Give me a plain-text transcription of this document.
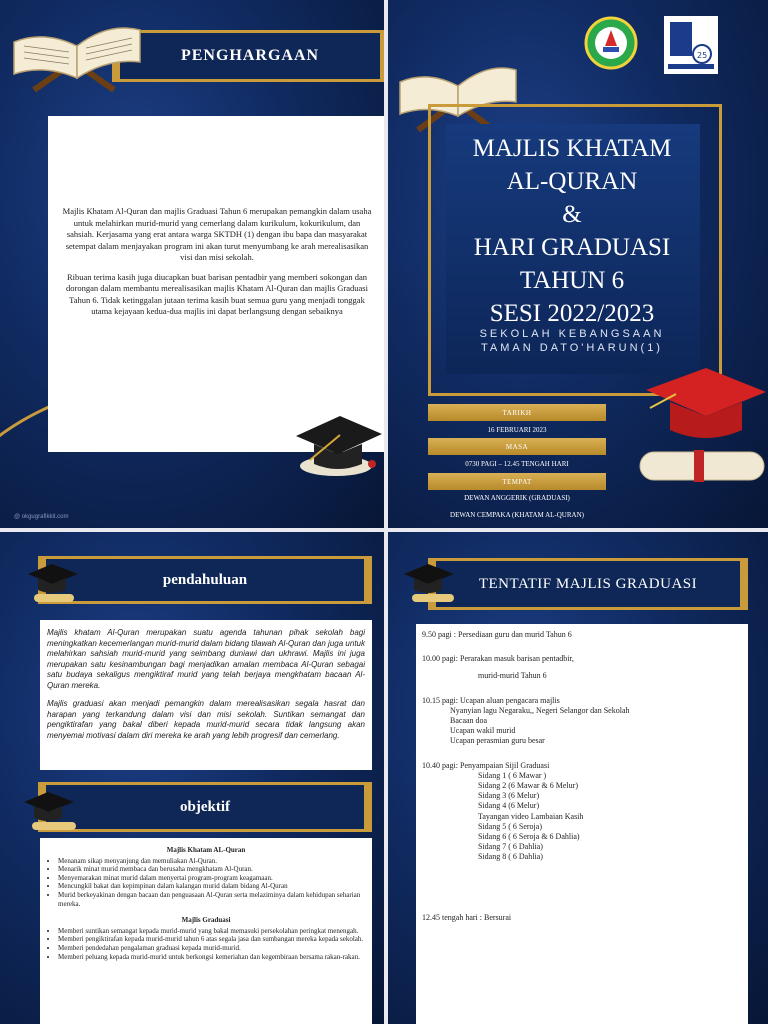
PENGHARGAAN

Majlis Khatam Al-Quran dan majlis Graduasi Tahun 6 merupakan pemangkin dalam usaha untuk melahirkan murid-murid yang cemerlang dalam kurikulum, kokurikulum, dan sahsiah. Kerjasama yang erat antara warga SKTDH (1) dengan ibu bapa dan masyarakat setempat dalam menjayakan program ini akan turut menyumbang ke arah merealisasikan visi dan misi sekolah.

Ribuan terima kasih juga diucapkan buat barisan pentadbir yang memberi sokongan dan dorongan dalam membantu merealisasikan majlis Khatam Al-Quran dan majlis Graduasi Tahun 6. Tidak ketinggalan jutaan terima kasih buat semua guru yang menjadi tonggak utama kejayaan kedua-dua majlis ini dapat berlangsung dengan sebaiknya

@ okgugrafikkit.com
25
MAJLIS KHATAM
AL-QURAN
&
HARI GRADUASI
TAHUN 6
SESI 2022/2023
SEKOLAH KEBANGSAAN
TAMAN DATO'HARUN(1)
TARIKH
16 FEBRUARI 2023
MASA
0730 PAGI – 12.45 TENGAH HARI
TEMPAT
DEWAN ANGGERIK (GRADUASI)
DEWAN CEMPAKA (KHATAM AL-QURAN)
pendahuluan

Majlis khatam Al-Quran merupakan suatu agenda tahunan pihak sekolah bagi meningkatkan kecemerlangan murid-murid dalam bidang tilawah Al-Quran dan juga untuk melahirkan sahsiah murid-murid yang seimbang duniawi dan ukhrawi. Majlis ini juga merupakan satu kesinambungan bagi menjadikan amalan membaca Al-Quran sebagai satu budaya sekaligus mengiktiraf murid yang telah berjaya mengkhatam bacaan Al-Quran mereka.

Majlis graduasi akan menjadi pemangkin dalam merealisasikan segala hasrat dan harapan yang terkandung dalam visi dan misi sekolah. Suntikan semangat dan pengiktirafan yang bakal diberi kepada murid-murid secara tidak langsung akan menyemai motivasi dalam diri mereka ke arah yang lebih progresif dan cemerlang.

objektif
Majlis Khatam AL-Quran
• Menanam sikap menyanjung dan memuliakan Al-Quran.
• Menarik minat murid membaca dan berusaha mengkhatam Al-Quran.
• Menyemarakan minat murid dalam menyertai program-program keagamaan.
• Mencungkil bakat dan kepimpinan dalam kalangan murid dalam bidang Al-Quran
• Murid berkeyakinan dengan bacaan dan penguasaan Al-Quran serta melaziminya dalam kehidupan seharian mereka.
Majlis Graduasi
• Memberi suntikan semangat kepada murid-murid yang bakal memasuki persekolahan peringkat menengah.
• Memberi pengiktirafan kepada murid-murid tahun 6 atas segala jasa dan sumbangan mereka kepada sekolah.
• Memberi pendedahan pengalaman graduasi kepada murid-murid.
• Memberi peluang kepada murid-murid untuk berkongsi kemeriahan dan kegembiraan bersama rakan-rakan.
TENTATIF MAJLIS GRADUASI
9.50 pagi : Persediaan guru dan murid Tahun 6
10.00 pagi: Perarakan masuk barisan pentadbir,
murid-murid Tahun 6
10.15 pagi: Ucapan aluan pengacara majlis
Nyanyian lagu Negaraku,, Negeri Selangor dan Sekolah
Bacaan doa
Ucapan wakil murid
Ucapan perasmian guru besar
10.40 pagi: Penyampaian Sijil Graduasi
Sidang 1 ( 6 Mawar )
Sidang 2 (6 Mawar & 6 Melur)
Sidang 3 (6 Melur)
Sidang 4 (6 Melur)
Tayangan video Lambaian Kasih
Sidang 5 ( 6 Seroja)
Sidang 6 ( 6 Seroja & 6 Dahlia)
Sidang 7 ( 6 Dahlia)
Sidang 8 ( 6 Dahlia)
12.45 tengah hari : Bersurai
